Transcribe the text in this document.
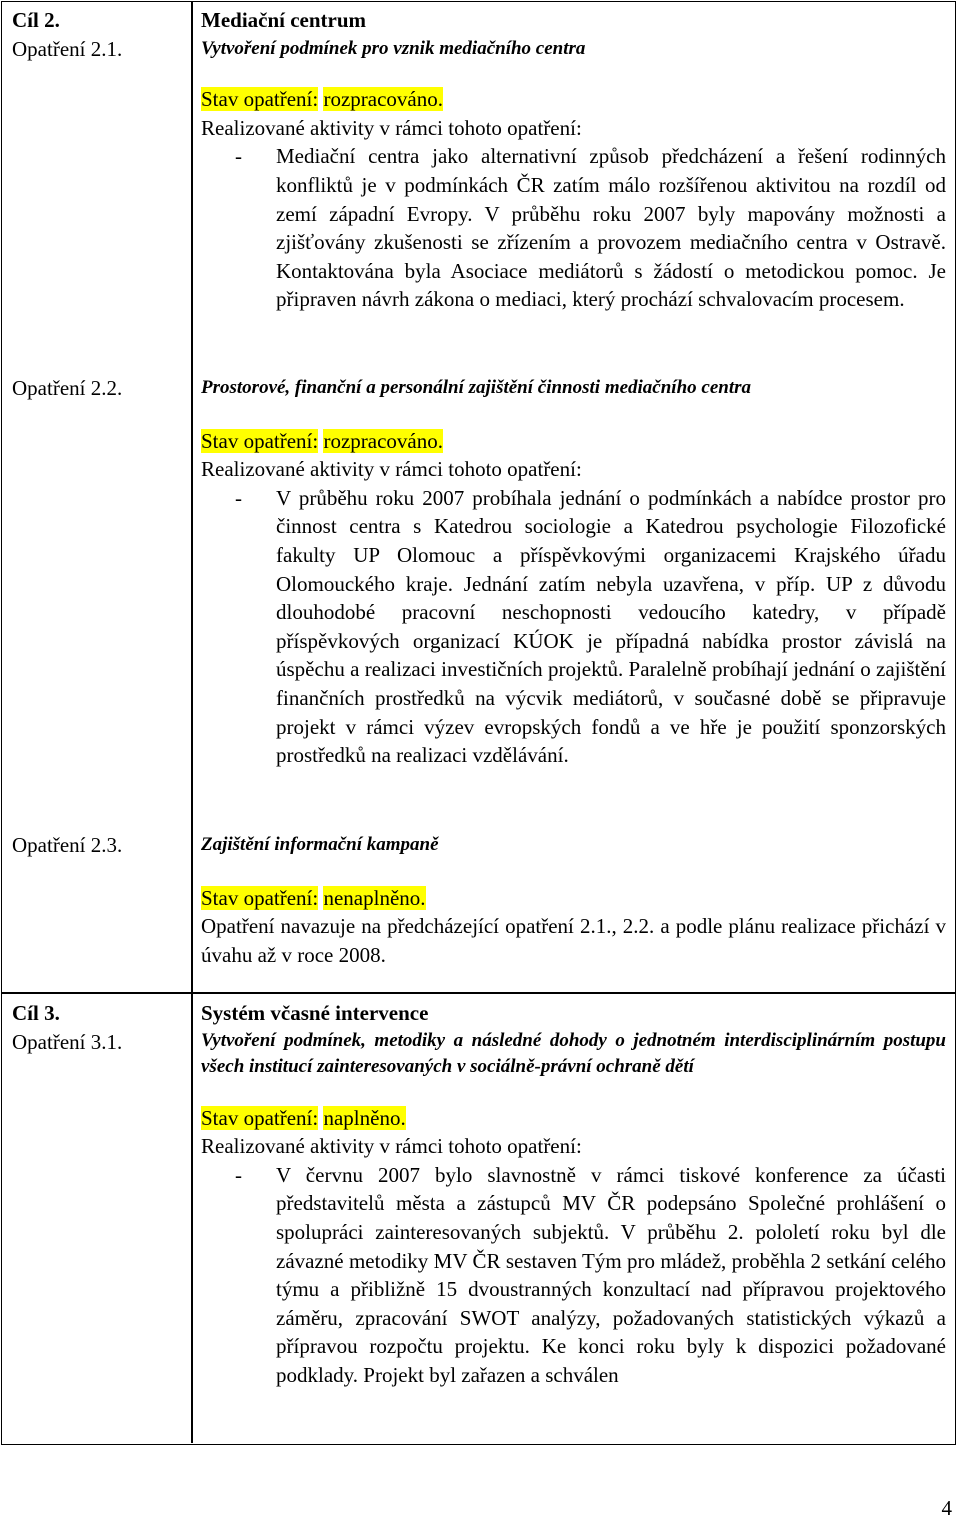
Cíl 2.
Opatření 2.1.
Opatření 2.2.
Opatření 2.3.
Cíl 3.
Opatření 3.1.
Mediační centrum
Vytvoření podmínek pro vznik mediačního centra
Stav opatření: rozpracováno.
Realizované aktivity v rámci tohoto opatření:
- Mediační centra jako alternativní způsob předcházení a řešení rodinných konfliktů je v podmínkách ČR zatím málo rozšířenou aktivitou na rozdíl od zemí západní Evropy. V průběhu roku 2007 byly mapovány možnosti a zjišťovány zkušenosti se zřízením a provozem mediačního centra v Ostravě. Kontaktována byla Asociace mediátorů s žádostí o metodickou pomoc. Je připraven návrh zákona o mediaci, který prochází schvalovacím procesem.
Prostorové, finanční a personální zajištění činnosti mediačního centra
Stav opatření: rozpracováno.
Realizované aktivity v rámci tohoto opatření:
- V průběhu roku 2007 probíhala jednání o podmínkách a nabídce prostor pro činnost centra s Katedrou sociologie a Katedrou psychologie Filozofické fakulty UP Olomouc a příspěvkovými organizacemi Krajského úřadu Olomouckého kraje. Jednání zatím nebyla uzavřena, v příp. UP z důvodu dlouhodobé pracovní neschopnosti vedoucího katedry, v případě příspěvkových organizací KÚOK je případná nabídka prostor závislá na úspěchu a realizaci investičních projektů. Paralelně probíhají jednání o zajištění finančních prostředků na výcvik mediátorů, v současné době se připravuje projekt v rámci výzev evropských fondů a ve hře je použití sponzorských prostředků na realizaci vzdělávání.
Zajištění informační kampaně
Stav opatření: nenaplněno.
Opatření navazuje na předcházející opatření 2.1., 2.2. a podle plánu realizace přichází v úvahu až v roce 2008.
Systém včasné intervence
Vytvoření podmínek, metodiky a následné dohody o jednotném interdisciplinárním postupu všech institucí zainteresovaných v sociálně-právní ochraně dětí
Stav opatření: naplněno.
Realizované aktivity v rámci tohoto opatření:
- V červnu 2007 bylo slavnostně v rámci tiskové konference za účasti představitelů města a zástupců MV ČR podepsáno Společné prohlášení o spolupráci zainteresovaných subjektů. V průběhu 2. pololetí roku byl dle závazné metodiky MV ČR sestaven Tým pro mládež, proběhla 2 setkání celého týmu a přibližně 15 dvoustranných konzultací nad přípravou projektového záměru, zpracování SWOT analýzy, požadovaných statistických výkazů a přípravou rozpočtu projektu. Ke konci roku byly k dispozici požadované podklady. Projekt byl zařazen a schválen
4
